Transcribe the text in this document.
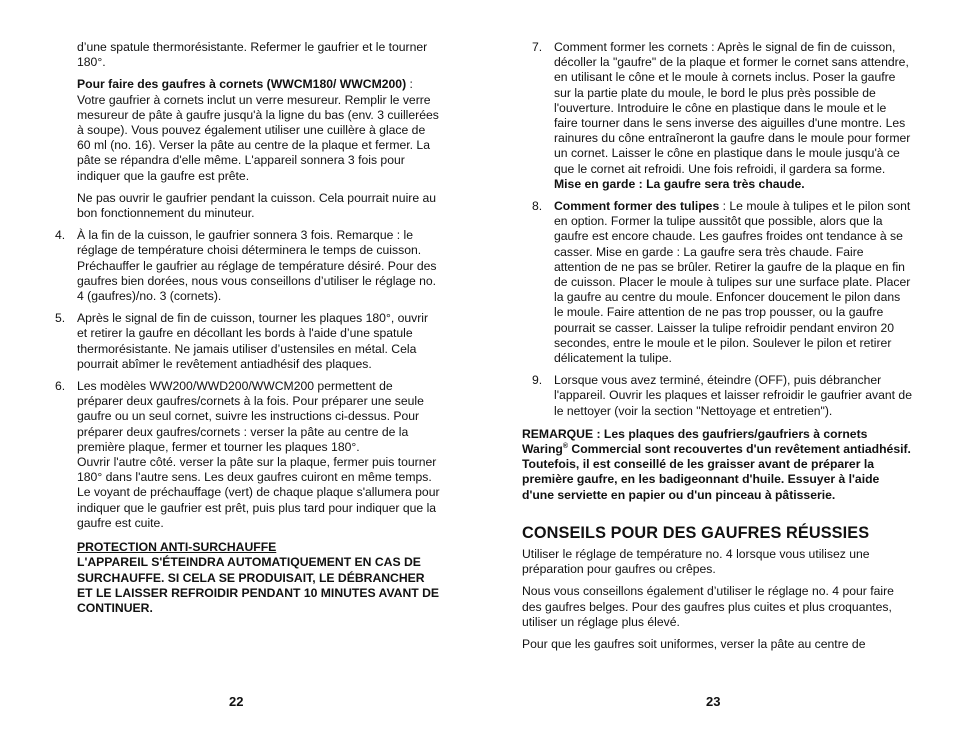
d’une spatule thermorésistante. Refermer le gaufrier et le tourner 180°.

Pour faire des gaufres à cornets (WWCM180/ WWCM200) : Votre gaufrier à cornets inclut un verre mesureur. Remplir le verre mesureur de pâte à gaufre jusqu'à la ligne du bas (env. 3 cuillerées à soupe). Vous pouvez également utiliser une cuillère à glace de 60 ml (no. 16). Verser la pâte au centre de la plaque et fermer. La pâte se répandra d'elle même. L'appareil sonnera 3 fois pour indiquer que la gaufre est prête.

Ne pas ouvrir le gaufrier pendant la cuisson. Cela pourrait nuire au bon fonctionnement du minuteur.

4. À la fin de la cuisson, le gaufrier sonnera 3 fois. Remarque : le réglage de température choisi déterminera le temps de cuisson. Préchauffer le gaufrier au réglage de température désiré. Pour des gaufres bien dorées, nous vous conseillons d’utiliser le réglage no. 4 (gaufres)/no. 3 (cornets).
5. Après le signal de fin de cuisson, tourner les plaques 180°, ouvrir et retirer la gaufre en décollant les bords à l'aide d’une spatule thermorésistante. Ne jamais utiliser d’ustensiles en métal. Cela pourrait abîmer le revêtement antiadhésif des plaques.
6. Les modèles WW200/WWD200/WWCM200 permettent de préparer deux gaufres/cornets à la fois. Pour préparer une seule gaufre ou un seul cornet, suivre les instructions ci-dessus. Pour préparer deux gaufres/cornets : verser la pâte au centre de la première plaque, fermer et tourner les plaques 180°.
Ouvrir l'autre côté. verser la pâte sur la plaque, fermer puis tourner 180° dans l'autre sens. Les deux gaufres cuiront en même temps. Le voyant de préchauffage (vert) de chaque plaque s'allumera pour indiquer que le gaufrier est prêt, puis plus tard pour indiquer que la gaufre est cuite.

PROTECTION ANTI-SURCHAUFFE
L'APPAREIL S'ÉTEINDRA AUTOMATIQUEMENT EN CAS DE SURCHAUFFE. SI CELA SE PRODUISAIT, LE DÉBRANCHER ET LE LAISSER REFROIDIR PENDANT 10 MINUTES AVANT DE CONTINUER.

7. Comment former les cornets : Après le signal de fin de cuisson, décoller la "gaufre" de la plaque et former le cornet sans attendre, en utilisant le cône et le moule à cornets inclus. Poser la gaufre sur la partie plate du moule, le bord le plus près possible de l'ouverture. Introduire le cône en plastique dans le moule et le faire tourner dans le sens inverse des aiguilles d'une montre. Les rainures du cône entraîneront la gaufre dans le moule pour former un cornet. Laisser le cône en plastique dans le moule jusqu'à ce que le cornet ait refroidi. Une fois refroidi, il gardera sa forme.
Mise en garde : La gaufre sera très chaude.
8. Comment former des tulipes : Le moule à tulipes et le pilon sont en option. Former la tulipe aussitôt que possible, alors que la gaufre est encore chaude. Les gaufres froides ont tendance à se casser. Mise en garde : La gaufre sera très chaude. Faire attention de ne pas se brûler. Retirer la gaufre de la plaque en fin de cuisson. Placer le moule à tulipes sur une surface plate. Placer la gaufre au centre du moule. Enfoncer doucement le pilon dans le moule. Faire attention de ne pas trop pousser, ou la gaufre pourrait se casser. Laisser la tulipe refroidir pendant environ 20 secondes, entre le moule et le pilon. Soulever le pilon et retirer délicatement la tulipe.
9. Lorsque vous avez terminé, éteindre (OFF), puis débrancher l'appareil. Ouvrir les plaques et laisser refroidir le gaufrier avant de le nettoyer (voir la section "Nettoyage et entretien").

REMARQUE : Les plaques des gaufriers/gaufriers à cornets Waring® Commercial sont recouvertes d'un revêtement antiadhésif. Toutefois, il est conseillé de les graisser avant de préparer la première gaufre, en les badigeonnant d'huile. Essuyer à l'aide d'une serviette en papier ou d'un pinceau à pâtisserie.

CONSEILS POUR DES GAUFRES RÉUSSIES

Utiliser le réglage de température no. 4 lorsque vous utilisez une préparation pour gaufres ou crêpes.

Nous vous conseillons également d’utiliser le réglage no. 4 pour faire des gaufres belges. Pour des gaufres plus cuites et plus croquantes, utiliser un réglage plus élevé.

Pour que les gaufres soit uniformes, verser la pâte au centre de

22	23
